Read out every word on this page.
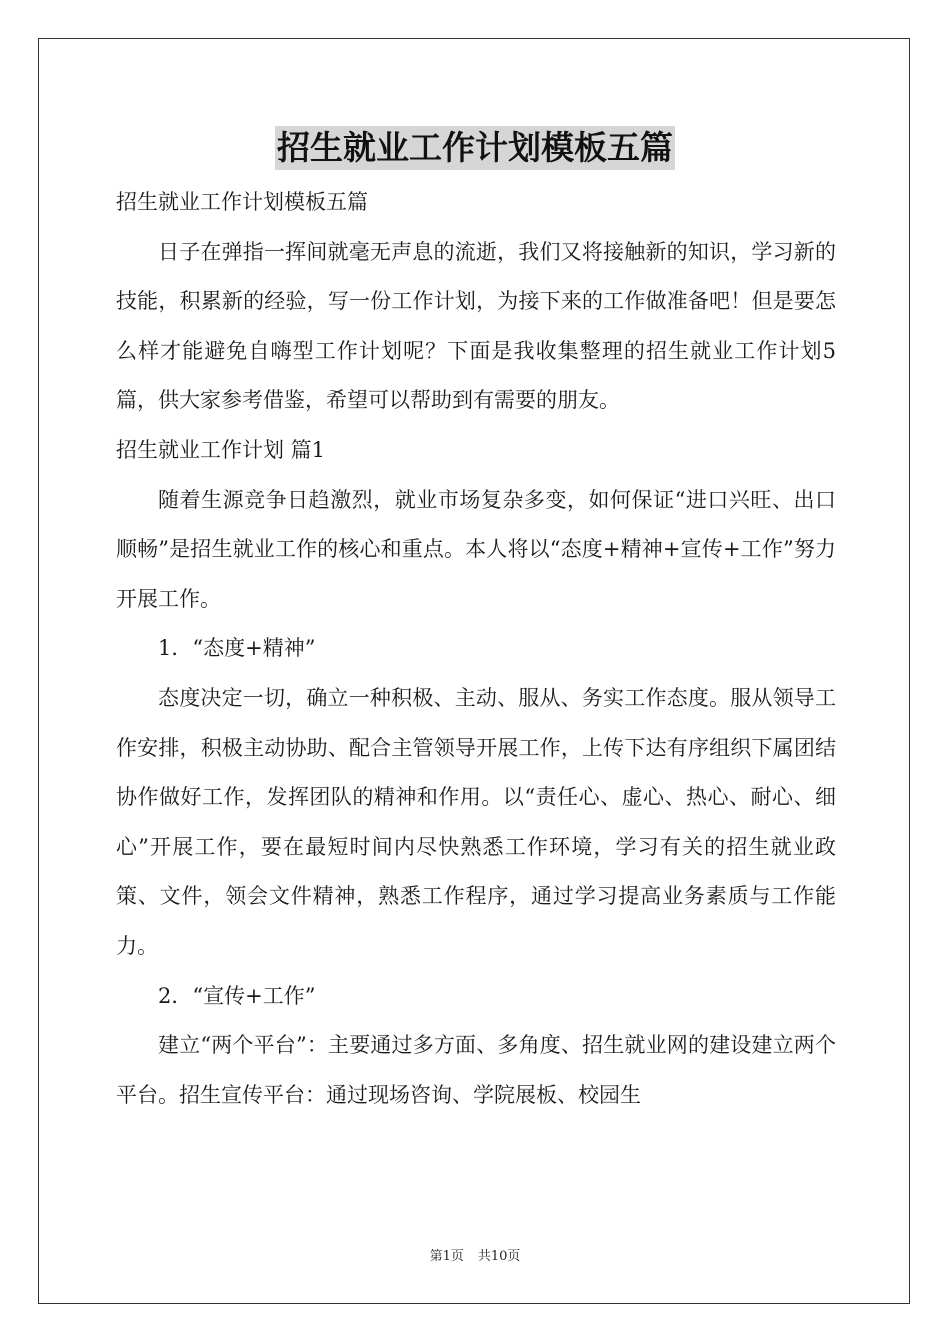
招生就业工作计划模板五篇

招生就业工作计划模板五篇

日子在弹指一挥间就毫无声息的流逝，我们又将接触新的知识，学习新的技能，积累新的经验，写一份工作计划，为接下来的工作做准备吧！但是要怎么样才能避免自嗨型工作计划呢？下面是我收集整理的招生就业工作计划5篇，供大家参考借鉴，希望可以帮助到有需要的朋友。

招生就业工作计划 篇1

随着生源竞争日趋激烈，就业市场复杂多变，如何保证“进口兴旺、出口顺畅”是招生就业工作的核心和重点。本人将以“态度+精神+宣传+工作”努力开展工作。

1．“态度+精神”

态度决定一切，确立一种积极、主动、服从、务实工作态度。服从领导工作安排，积极主动协助、配合主管领导开展工作，上传下达有序组织下属团结协作做好工作，发挥团队的精神和作用。以“责任心、虚心、热心、耐心、细心”开展工作，要在最短时间内尽快熟悉工作环境，学习有关的招生就业政策、文件，领会文件精神，熟悉工作程序，通过学习提高业务素质与工作能力。

2．“宣传+工作”

建立“两个平台”：主要通过多方面、多角度、招生就业网的建设建立两个平台。招生宣传平台：通过现场咨询、学院展板、校园生

第1页 共10页
